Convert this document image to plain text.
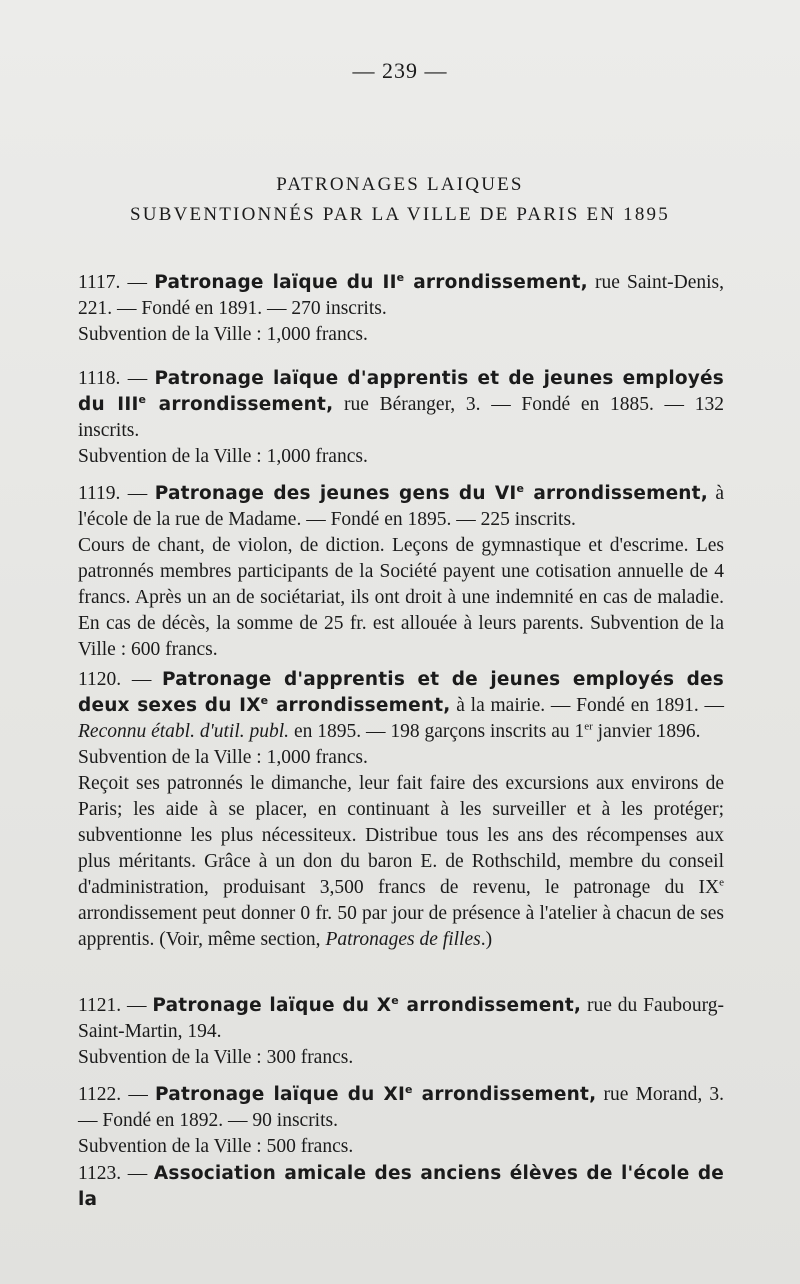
— 239 —
PATRONAGES LAIQUES
SUBVENTIONNÉS PAR LA VILLE DE PARIS EN 1895

1117. — Patronage laïque du IIe arrondissement, rue Saint-Denis, 221. — Fondé en 1891. — 270 inscrits.

Subvention de la Ville : 1,000 francs.

1118. — Patronage laïque d'apprentis et de jeunes employés du IIIe arrondissement, rue Béranger, 3. — Fondé en 1885. — 132 inscrits.

Subvention de la Ville : 1,000 francs.

1119. — Patronage des jeunes gens du VIe arrondissement, à l'école de la rue de Madame. — Fondé en 1895. — 225 inscrits.

Cours de chant, de violon, de diction. Leçons de gymnastique et d'escrime. Les patronnés membres participants de la Société payent une cotisation annuelle de 4 francs. Après un an de sociétariat, ils ont droit à une indemnité en cas de maladie. En cas de décès, la somme de 25 fr. est allouée à leurs parents. Subvention de la Ville : 600 francs.

1120. — Patronage d'apprentis et de jeunes employés des deux sexes du IXe arrondissement, à la mairie. — Fondé en 1891. — Reconnu établ. d'util. publ. en 1895. — 198 garçons inscrits au 1er janvier 1896.

Subvention de la Ville : 1,000 francs.

Reçoit ses patronnés le dimanche, leur fait faire des excursions aux environs de Paris; les aide à se placer, en continuant à les surveiller et à les protéger; subventionne les plus nécessiteux. Distribue tous les ans des récompenses aux plus méritants. Grâce à un don du baron E. de Rothschild, membre du conseil d'administration, produisant 3,500 francs de revenu, le patronage du IXe arrondissement peut donner 0 fr. 50 par jour de présence à l'atelier à chacun de ses apprentis. (Voir, même section, Patronages de filles.)

1121. — Patronage laïque du Xe arrondissement, rue du Faubourg-Saint-Martin, 194.

Subvention de la Ville : 300 francs.

1122. — Patronage laïque du XIe arrondissement, rue Morand, 3. — Fondé en 1892. — 90 inscrits.

Subvention de la Ville : 500 francs.

1123. — Association amicale des anciens élèves de l'école de la
